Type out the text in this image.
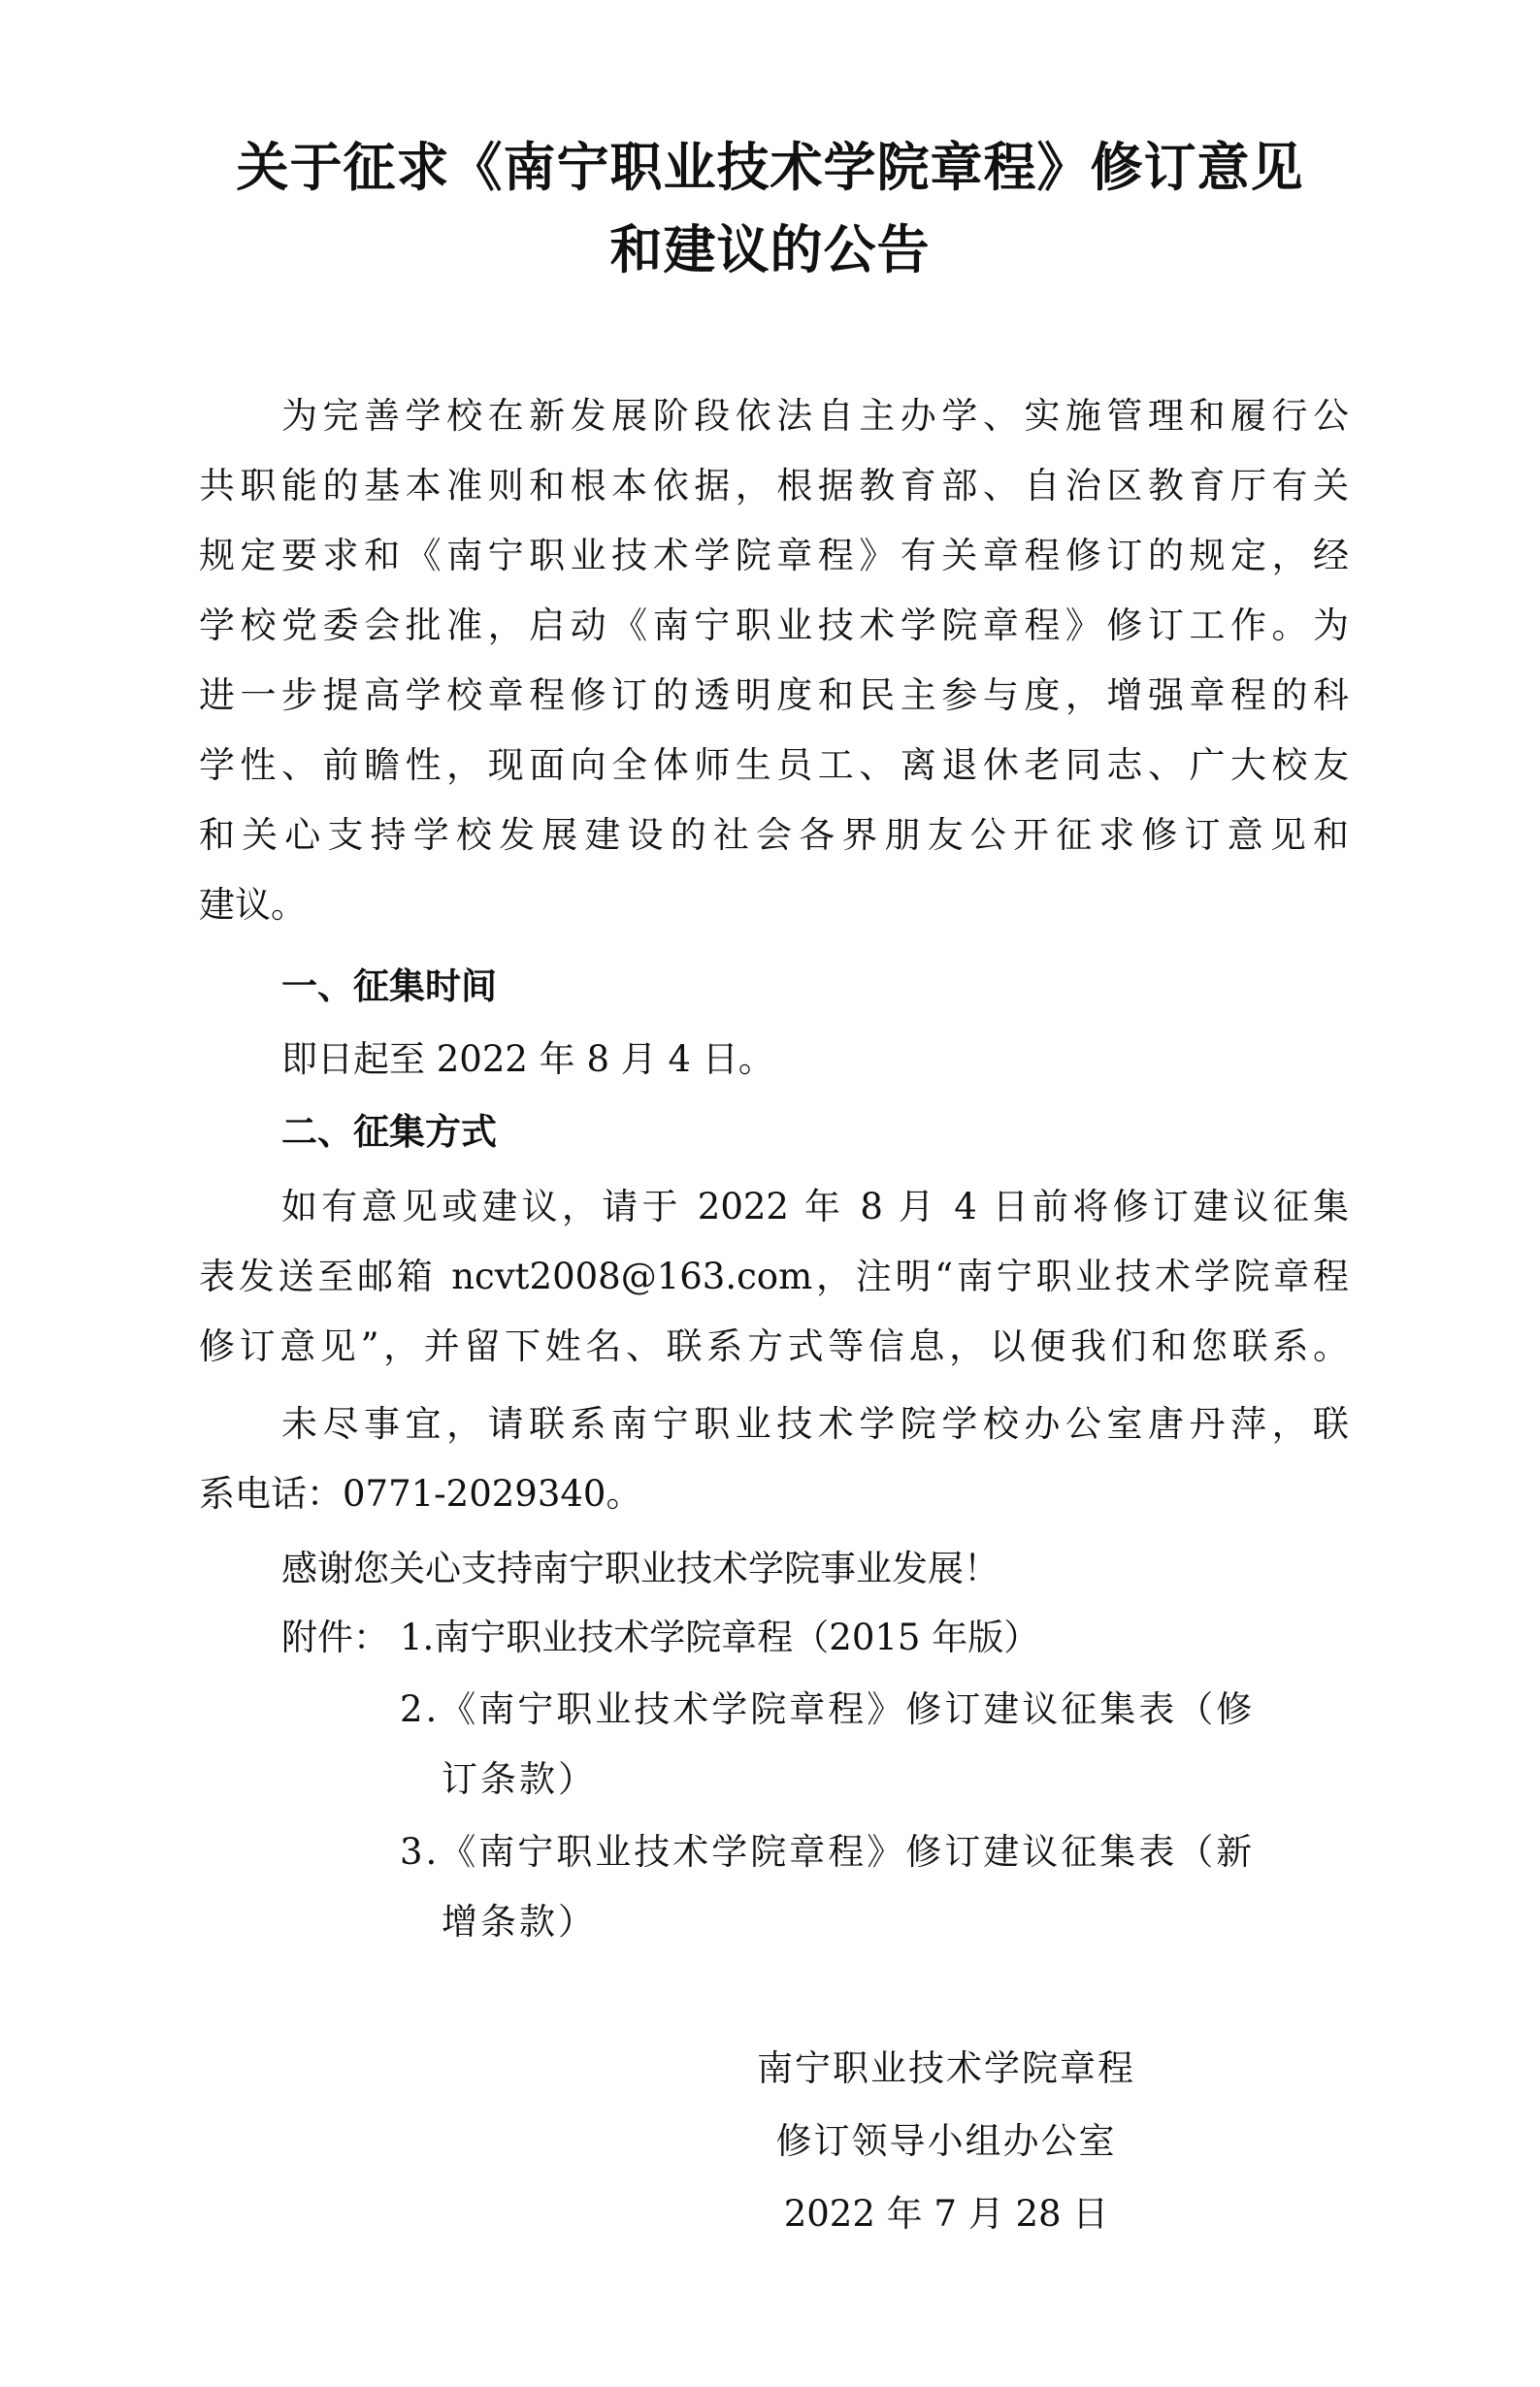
关于征求《南宁职业技术学院章程》修订意见
和建议的公告
为完善学校在新发展阶段依法自主办学、实施管理和履行公
共职能的基本准则和根本依据，根据教育部、自治区教育厅有关
规定要求和《南宁职业技术学院章程》有关章程修订的规定，经
学校党委会批准，启动《南宁职业技术学院章程》修订工作。为
进一步提高学校章程修订的透明度和民主参与度，增强章程的科
学性、前瞻性，现面向全体师生员工、离退休老同志、广大校友
和关心支持学校发展建设的社会各界朋友公开征求修订意见和
建议。
一、征集时间
即日起至 2022 年 8 月 4 日。
二、征集方式
如有意见或建议，请于 2022 年 8 月 4 日前将修订建议征集
表发送至邮箱 ncvt2008@163.com，注明“南宁职业技术学院章程
修订意见”，并留下姓名、联系方式等信息，以便我们和您联系。
未尽事宜，请联系南宁职业技术学院学校办公室唐丹萍，联
系电话：0771-2029340。
感谢您关心支持南宁职业技术学院事业发展！
附件： 1.南宁职业技术学院章程（2015 年版）
2.《南宁职业技术学院章程》修订建议征集表（修
订条款）
3.《南宁职业技术学院章程》修订建议征集表（新
增条款）
南宁职业技术学院章程
修订领导小组办公室
2022 年 7 月 28 日
